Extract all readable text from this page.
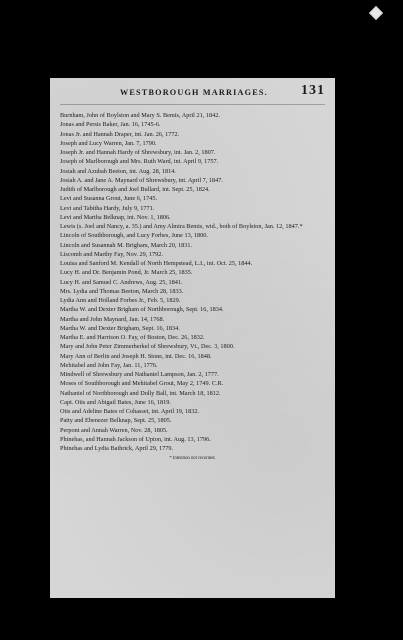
WESTBOROUGH MARRIAGES. 131
Burnham, John of Boylston and Mary S. Bemis, April 21, 1842.
Jonas and Persis Baker, Jan. 16, 1745-6.
Jonas Jr. and Hannah Draper, int. Jan. 26, 1772.
Joseph and Lucy Warren, Jan. 7, 1790.
Joseph Jr. and Hannah Hardy of Shrewsbury, int. Jan. 2, 1807.
Joseph of Marlborough and Mrs. Ruth Ward, int. April 9, 1757.
Josiah and Azubah Beeton, int. Aug. 28, 1814.
Josiah A. and Jane A. Maynard of Shrewsbury, int. April 7, 1847.
Judith of Marlborough and Joel Bullard, int. Sept. 25, 1824.
Levi and Susanna Grout, June 6, 1745.
Levi and Tabitha Hardy, July 9, 1771.
Levi and Martha Belknap, int. Nov. 1, 1806.
Lewis (s. Joel and Nancy, a. 35.) and Amy Almira Bemis, wid., both of Boylston, Jan. 12, 1847.*
Lincoln of Southborough, and Lucy Forbes, June 13, 1800.
Lincoln and Susannah M. Brigham, March 20, 1831.
Liscomb and Marthy Fay, Nov. 29, 1792.
Louisa and Sanford M. Kendall of North Hempstead, L.I., int. Oct. 25, 1844.
Lucy H. and Dr. Benjamin Pond, Jr. March 25, 1835.
Lucy H. and Samuel C. Andrews, Aug. 25, 1841.
Mrs. Lydia and Thomas Beeton, March 28, 1833.
Lydia Ann and Holland Forbes Jr., Feb. 5, 1829.
Martha W. and Dexter Brigham of Northborough, Sept. 16, 1834.
Martha and John Maynard, Jan. 14, 1768.
Martha W. and Dexter Brigham, Sept. 16, 1834.
Martha E. and Harrison O. Fay, of Boston, Dec. 26, 1832.
Mary and John Peter Zimmerherkel of Shrewsbury, Vt., Dec. 3, 1800.
Mary Ann of Berlin and Joseph H. Stone, int. Dec. 16, 1848.
Mehitabel and John Fay, Jan. 11, 1776.
Mindwell of Shrewsbury and Nathaniel Lampson, Jan. 2, 1777.
Moses of Southborough and Mehitabel Grout, May 2, 1749. C.R.
Nathaniel of Northborough and Dolly Ball, int. March 18, 1812.
Capt. Otis and Abigail Bates, June 16, 1819.
Otis and Adeline Bates of Cohasset, int. April 19, 1832.
Patty and Ebenezer Belknap, Sept. 25, 1805.
Perpont and Annah Warren, Nov. 28, 1805.
Phinehas, and Hannah Jackson of Upton, int. Aug. 13, 1796.
Phinehas and Lydia Bathrick, April 29, 1779.
* Intention not recorded.
